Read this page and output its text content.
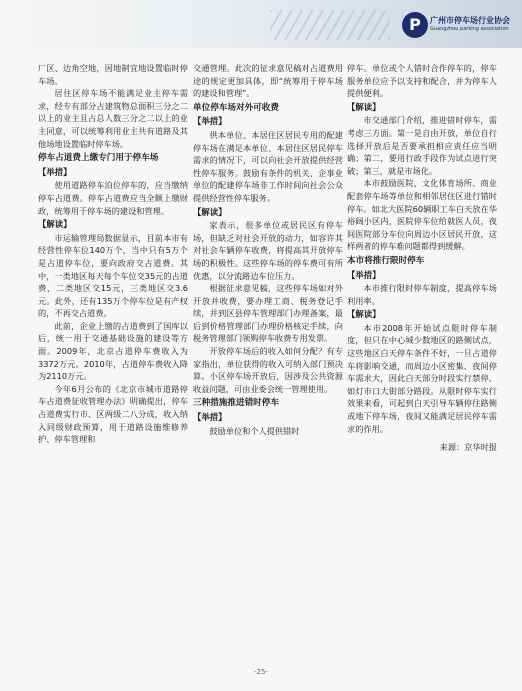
P	广州市停车场行业协会
Guangzhou parking association

厂区、边角空地，因地制宜地设置临时停车场。

居住区停车场不能满足业主停车需求，经专有部分占建筑物总面积三分之二以上的业主且占总人数三分之二以上的业主同意，可以统筹利用业主共有道路及其他场地设置临时停车场。

停车占道费上缴专门用于停车场
【举措】

使用道路停车泊位停车的，应当缴纳停车占道费。停车占道费应当全额上缴财政，统筹用于停车场的建设和管理。

【解读】

市运输管理局数据显示，目前本市有经营性停车位140万个，当中只有5万个是占道停车位，要向政府交占道费。其中，一类地区每天每个车位交35元的占道费，二类地区交15元，三类地区交3.6元。此外，还有135万个停车位是有产权的，不再交占道费。

此前，企业上缴的占道费到了国库以后，统一用于交通基础设施的建设等方面。2009年，北京占道停车费收入为3372万元。2010年，占道停车费收入降为2110万元。

今年6月公布的《北京市城市道路停车占道费征收管理办法》明确提出，停车占道费实行市、区两级二八分成，收入纳入同级财政预算，用于道路设施维修养护、停车管理和

交通管理。此次的征求意见稿对占道费用途的规定更加具体，即“统筹用于停车场的建设和管理”。

单位停车场对外可收费
【举措】

供本单位、本居住区居民专用的配建停车场在满足本单位、本居住区居民停车需求的情况下，可以向社会开放提供经营性停车服务。鼓励有条件的机关、企事业单位的配建停车场非工作时间向社会公众提供经营性停车服务。

【解读】

家表示，很多单位或居民区有停车场，但缺乏对社会开放的动力，如容许其对社会车辆停车收费，将提高其开放停车场的积极性。这些停车场的停车费可有所优惠，以分流路边车位压力。

根据征求意见稿，这些停车场如对外开放并收费，要办理工商、税务登记手续，并到区县停车管理部门办理备案，最后到价格管理部门办理价格核定手续，向税务管理部门领购停车收费专用发票。

开放停车场后的收入如何分配？有专家指出，单位获得的收入可纳入部门预决算。小区停车场开放后，因涉及公共资源收益问题，可由业委会统一管理使用。

三种措施推进错时停车
【举措】

鼓励单位和个人提供错时

停车。单位或个人错时合作停车的，停车服务单位应予以支持和配合，并为停车人提供便利。

【解读】

市交通部门介绍，推进错时停车，需考虑三方面。第一是自由开放，单位自行选择开放后是否要承担相应责任应当明确；第二，要用行政手段作为试点进行突破；第三，就是市场化。

本市鼓励医院、文化体育场所、商业配套停车场等单位和相邻居住区进行错时停车。如北大医院60辆职工车白天放在华裕阔小区内，医院停车位给就医人员，夜间医院部分车位向周边小区居民开放，这样两者的停车难问题都得到缓解。

本市将推行限时停车
【举措】

本市推行限时停车制度，提高停车场利用率。

【解读】

本市2008年开始试点限时停车制度，但只在中心城少数地区的路侧试点，这些地区白天停车条件不好，一旦占道停车将影响交通，而周边小区密集、夜间停车需求大，因此白天部分时段实行禁停，如灯市口大街部分路段。从限时停车实行效果来看，可起到白天引导车辆停往路侧或地下停车场，夜间又能满足居民停车需求的作用。

来源：京华时报

-25-
